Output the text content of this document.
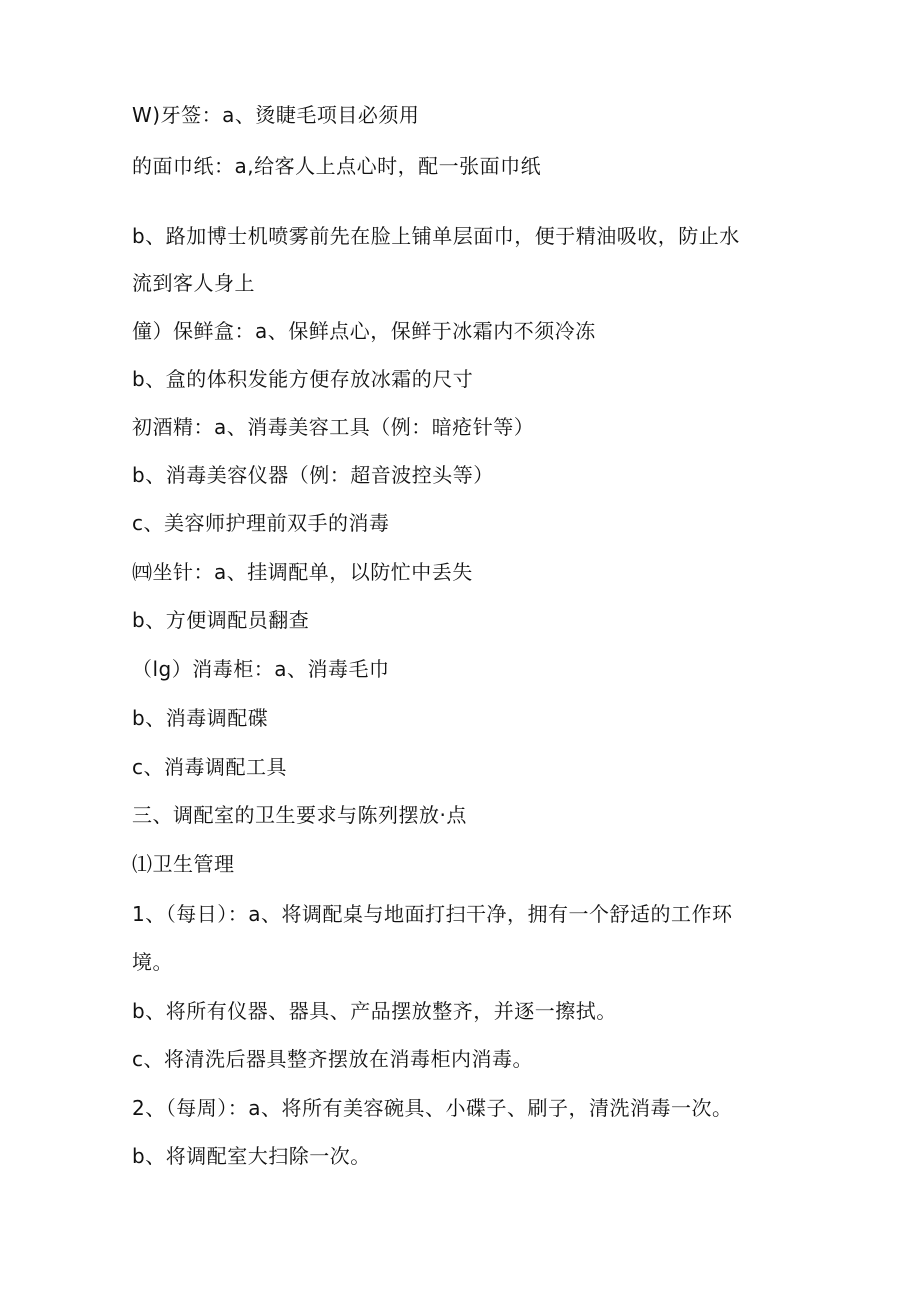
W)牙签：a、烫睫毛项目必须用
的面巾纸：a,给客人上点心时，配一张面巾纸
b、路加博士机喷雾前先在脸上铺单层面巾，便于精油吸收，防止水
流到客人身上
僮）保鲜盒：a、保鲜点心，保鲜于冰霜内不须冷冻
b、盒的体积发能方便存放冰霜的尺寸
初酒精：a、消毒美容工具（例：暗疮针等）
b、消毒美容仪器（例：超音波控头等）
c、美容师护理前双手的消毒
㈣坐针：a、挂调配单，以防忙中丢失
b、方便调配员翻查
（lg）消毒柜：a、消毒毛巾
b、消毒调配碟
c、消毒调配工具
三、调配室的卫生要求与陈列摆放·点
⑴卫生管理
1、（每日）：a、将调配桌与地面打扫干净，拥有一个舒适的工作环
境。
b、将所有仪器、器具、产品摆放整齐，并逐一擦拭。
c、将清洗后器具整齐摆放在消毒柜内消毒。
2、（每周）：a、将所有美容碗具、小碟子、刷子，清洗消毒一次。
b、将调配室大扫除一次。
